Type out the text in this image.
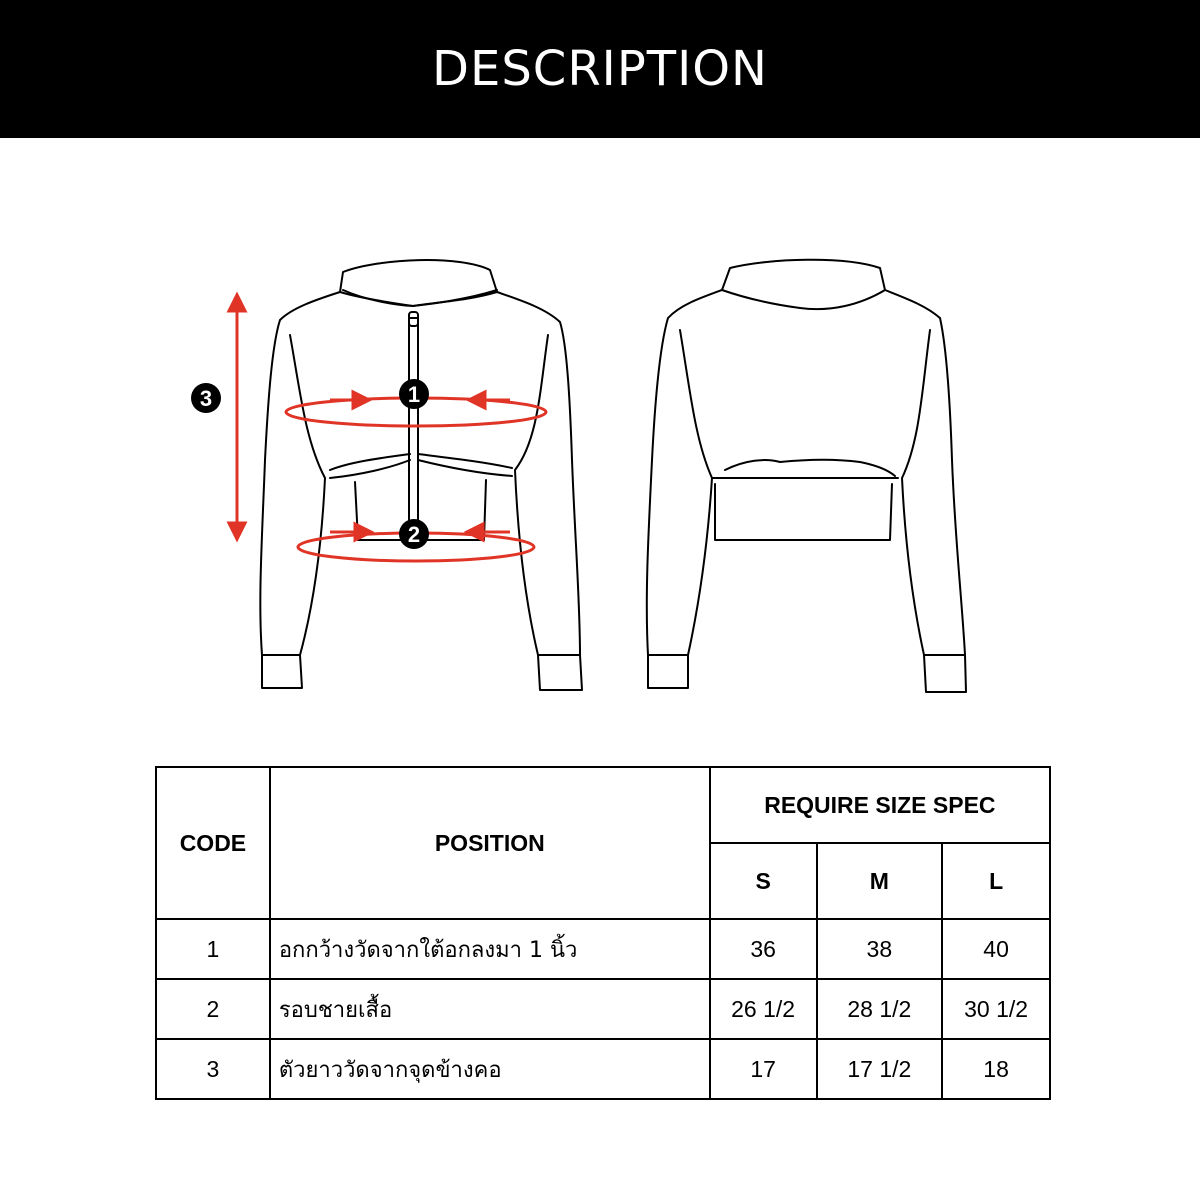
DESCRIPTION
1
2
3
CODE	POSITION	REQUIRE SIZE SPEC		
		S	M	L
1	อกกว้างวัดจากใต้อกลงมา 1 นิ้ว	36	38	40
2	รอบชายเสื้อ	26 1/2	28 1/2	30 1/2
3	ตัวยาววัดจากจุดข้างคอ	17	17 1/2	18
